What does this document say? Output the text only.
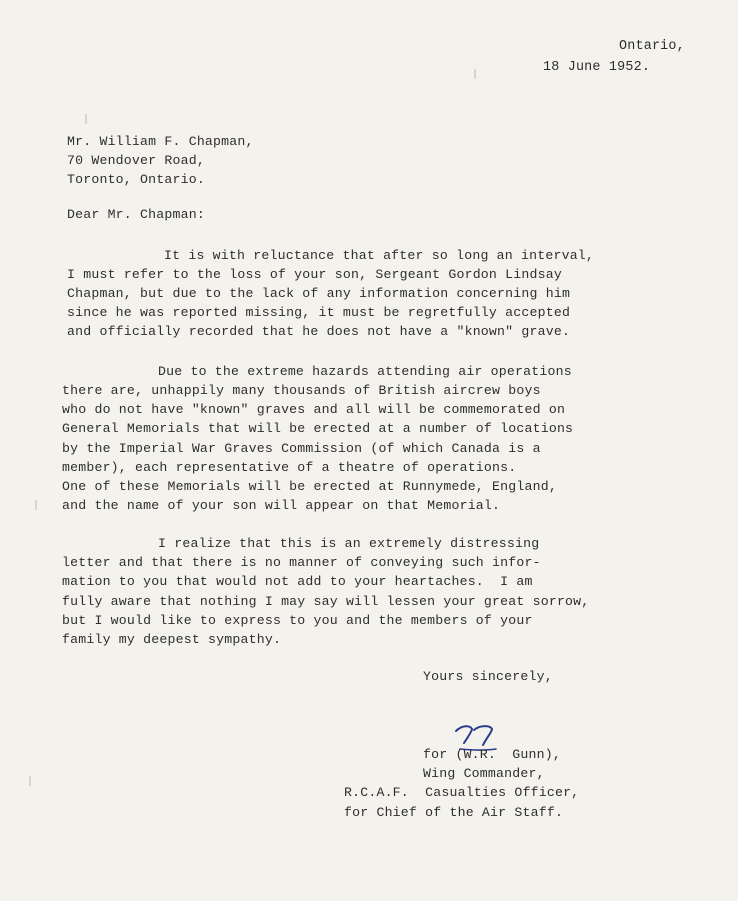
Ontario,
18 June 1952.
Mr. William F. Chapman,
70 Wendover Road,
Toronto, Ontario.
Dear Mr. Chapman:
It is with reluctance that after so long an interval,
I must refer to the loss of your son, Sergeant Gordon Lindsay
Chapman, but due to the lack of any information concerning him
since he was reported missing, it must be regretfully accepted
and officially recorded that he does not have a "known" grave.
Due to the extreme hazards attending air operations
there are, unhappily many thousands of British aircrew boys
who do not have "known" graves and all will be commemorated on
General Memorials that will be erected at a number of locations
by the Imperial War Graves Commission (of which Canada is a
member), each representative of a theatre of operations.
One of these Memorials will be erected at Runnymede, England,
and the name of your son will appear on that Memorial.
I realize that this is an extremely distressing
letter and that there is no manner of conveying such infor-
mation to you that would not add to your heartaches.  I am
fully aware that nothing I may say will lessen your great sorrow,
but I would like to express to you and the members of your
family my deepest sympathy.
Yours sincerely,
for (W.R.  Gunn),
Wing Commander,
R.C.A.F.  Casualties Officer,
for Chief of the Air Staff.
